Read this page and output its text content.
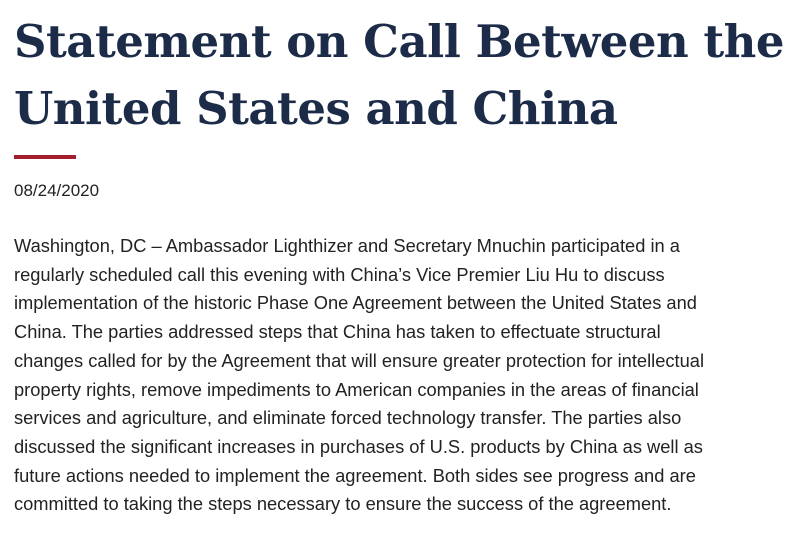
Statement on Call Between the United States and China
08/24/2020

Washington, DC – Ambassador Lighthizer and Secretary Mnuchin participated in a
regularly scheduled call this evening with China’s Vice Premier Liu Hu to discuss
implementation of the historic Phase One Agreement between the United States and
China. The parties addressed steps that China has taken to effectuate structural
changes called for by the Agreement that will ensure greater protection for intellectual
property rights, remove impediments to American companies in the areas of financial
services and agriculture, and eliminate forced technology transfer. The parties also
discussed the significant increases in purchases of U.S. products by China as well as
future actions needed to implement the agreement. Both sides see progress and are
committed to taking the steps necessary to ensure the success of the agreement.
